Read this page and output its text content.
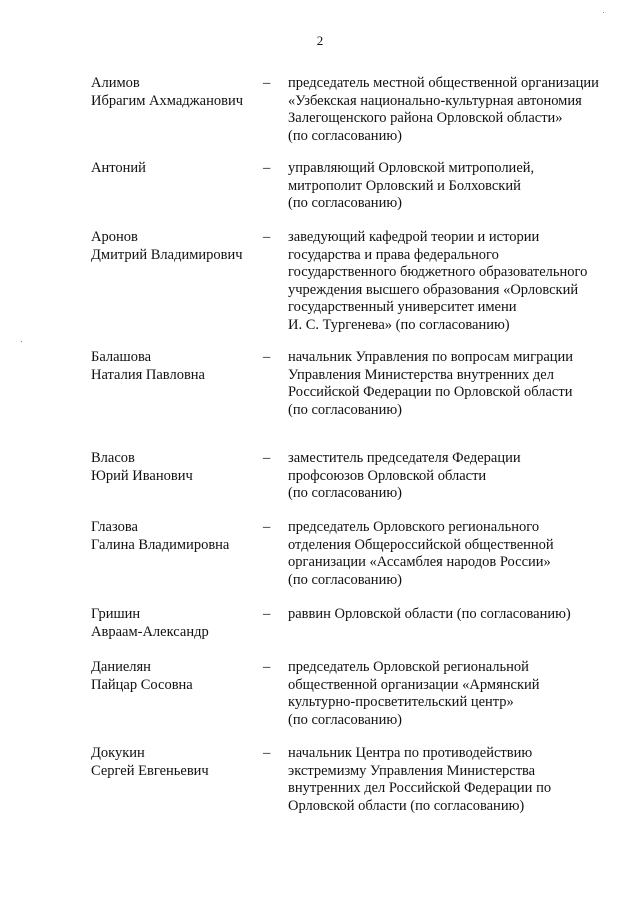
2
Алимов
Ибрагим Ахмаджанович
– председатель местной общественной организации
«Узбекская национально-культурная автономия
Залегощенского района Орловской области»
(по согласованию)
Антоний	– управляющий Орловской митрополией,
митрополит Орловский и Болховский
(по согласованию)
Аронов
Дмитрий Владимирович
– заведующий кафедрой теории и истории
государства и права федерального
государственного бюджетного образовательного
учреждения высшего образования «Орловский
государственный университет имени
И. С. Тургенева» (по согласованию)
Балашова
Наталия Павловна
– начальник Управления по вопросам миграции
Управления Министерства внутренних дел
Российской Федерации по Орловской области
(по согласованию)
Власов
Юрий Иванович
– заместитель председателя Федерации
профсоюзов Орловской области
(по согласованию)
Глазова
Галина Владимировна
– председатель Орловского регионального
отделения Общероссийской общественной
организации «Ассамблея народов России»
(по согласованию)
Гришин
Авраам-Александр
– раввин Орловской области (по согласованию)
Даниелян
Пайцар Сосовна
– председатель Орловской региональной
общественной организации «Армянский
культурно-просветительский центр»
(по согласованию)
Докукин
Сергей Евгеньевич
– начальник Центра по противодействию
экстремизму Управления Министерства
внутренних дел Российской Федерации по
Орловской области (по согласованию)
